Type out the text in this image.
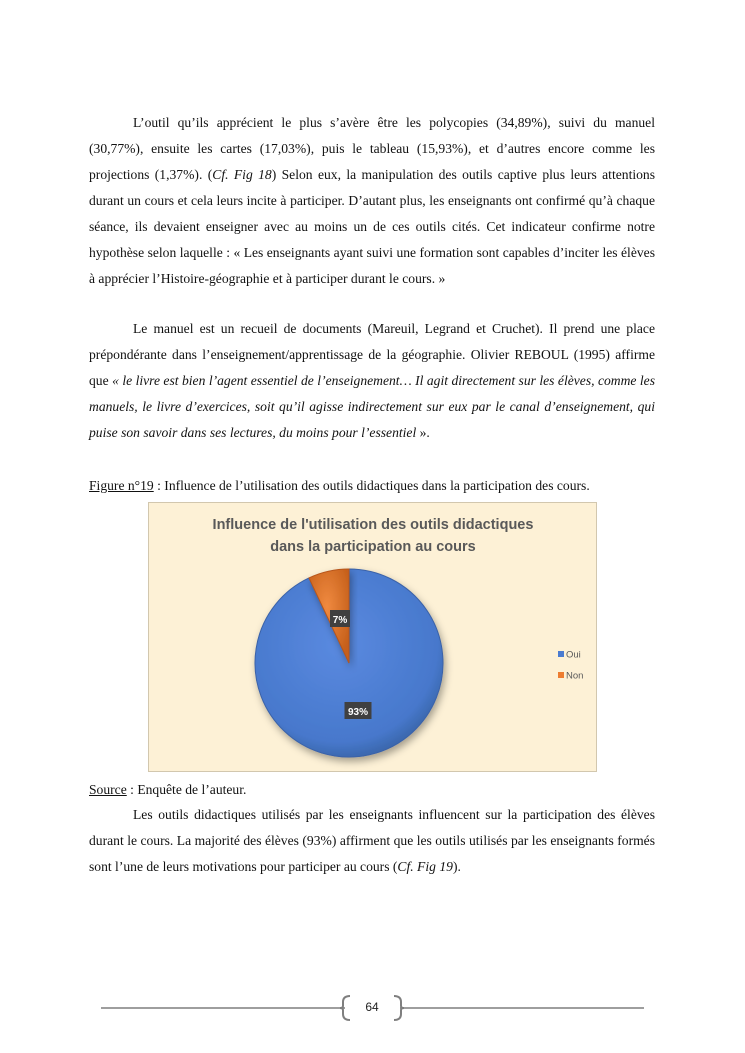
L’outil qu’ils apprécient le plus s’avère être les polycopies (34,89%), suivi du manuel (30,77%), ensuite les cartes (17,03%), puis le tableau (15,93%), et d’autres encore comme les projections (1,37%). (Cf. Fig 18) Selon eux, la manipulation des outils captive plus leurs attentions durant un cours et cela leurs incite à participer. D’autant plus, les enseignants ont confirmé qu’à chaque séance, ils devaient enseigner avec au moins un de ces outils cités. Cet indicateur confirme notre hypothèse selon laquelle : « Les enseignants ayant suivi une formation sont capables d’inciter les élèves à apprécier l’Histoire-géographie et à participer durant le cours. »

Le manuel est un recueil de documents (Mareuil, Legrand et Cruchet). Il prend une place prépondérante dans l’enseignement/apprentissage de la géographie. Olivier REBOUL (1995) affirme que « le livre est bien l’agent essentiel de l’enseignement… Il agit directement sur les élèves, comme les manuels, le livre d’exercices, soit qu’il agisse indirectement sur eux par le canal d’enseignement, qui puise son savoir dans ses lectures, du moins pour l’essentiel ».

Figure n°19 : Influence de l’utilisation des outils didactiques dans la participation des cours.
Influence de l'utilisation des outils didactiques
dans la participation au cours
93%
7%
Oui
Non
Source : Enquête de l’auteur.

Les outils didactiques utilisés par les enseignants influencent sur la participation des élèves durant le cours. La majorité des élèves (93%) affirment que les outils utilisés par les enseignants formés sont l’une de leurs motivations pour participer au cours (Cf. Fig 19).

64
